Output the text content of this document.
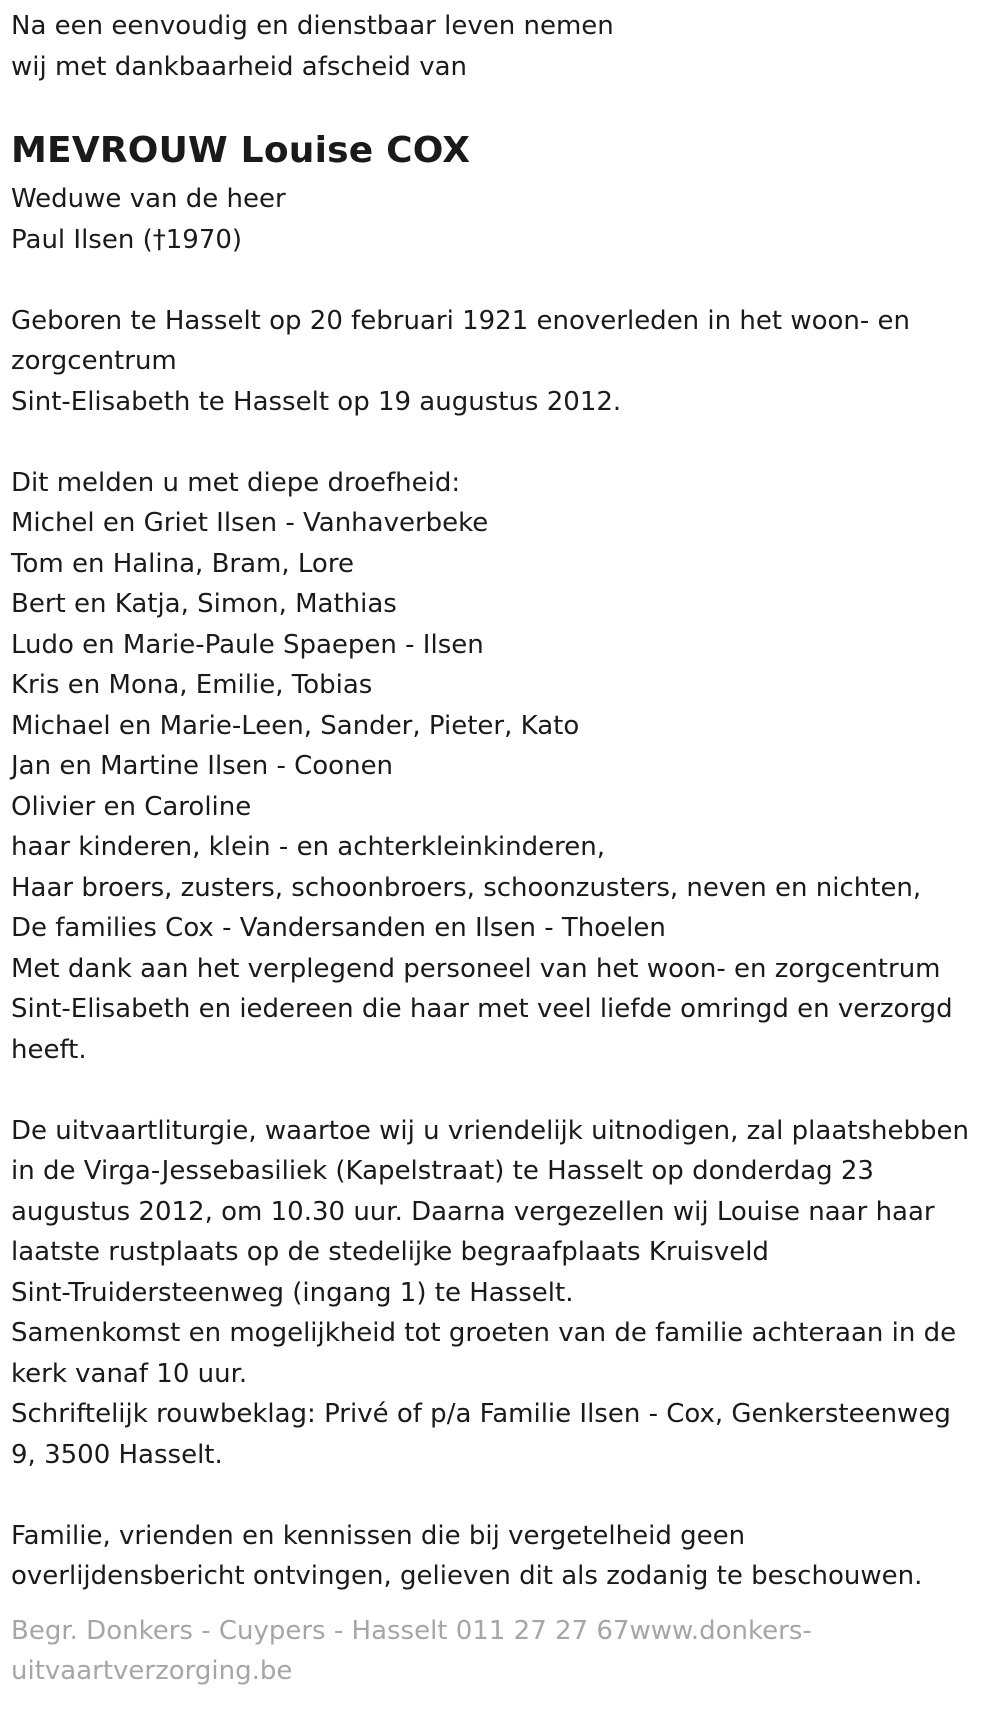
Na een eenvoudig en dienstbaar leven nemen
wij met dankbaarheid afscheid van
MEVROUW Louise COX
Weduwe van de heer
Paul Ilsen (†1970)
Geboren te Hasselt op 20 februari 1921 enoverleden in het woon- en
zorgcentrum
Sint-Elisabeth te Hasselt op 19 augustus 2012.
Dit melden u met diepe droefheid:
Michel en Griet Ilsen - Vanhaverbeke
Tom en Halina, Bram, Lore
Bert en Katja, Simon, Mathias
Ludo en Marie-Paule Spaepen - Ilsen
Kris en Mona, Emilie, Tobias
Michael en Marie-Leen, Sander, Pieter, Kato
Jan en Martine Ilsen - Coonen
Olivier en Caroline
haar kinderen, klein - en achterkleinkinderen,
Haar broers, zusters, schoonbroers, schoonzusters, neven en nichten,
De families Cox - Vandersanden en Ilsen - Thoelen
Met dank aan het verplegend personeel van het woon- en zorgcentrum
Sint-Elisabeth en iedereen die haar met veel liefde omringd en verzorgd
heeft.
De uitvaartliturgie, waartoe wij u vriendelijk uitnodigen, zal plaatshebben
in de Virga-Jessebasiliek (Kapelstraat) te Hasselt op donderdag 23
augustus 2012, om 10.30 uur. Daarna vergezellen wij Louise naar haar
laatste rustplaats op de stedelijke begraafplaats Kruisveld
Sint-Truidersteenweg (ingang 1) te Hasselt.
Samenkomst en mogelijkheid tot groeten van de familie achteraan in de
kerk vanaf 10 uur.
Schriftelijk rouwbeklag: Privé of p/a Familie Ilsen - Cox, Genkersteenweg
9, 3500 Hasselt.
Familie, vrienden en kennissen die bij vergetelheid geen
overlijdensbericht ontvingen, gelieven dit als zodanig te beschouwen.
Begr. Donkers - Cuypers - Hasselt 011 27 27 67www.donkers-
uitvaartverzorging.be
